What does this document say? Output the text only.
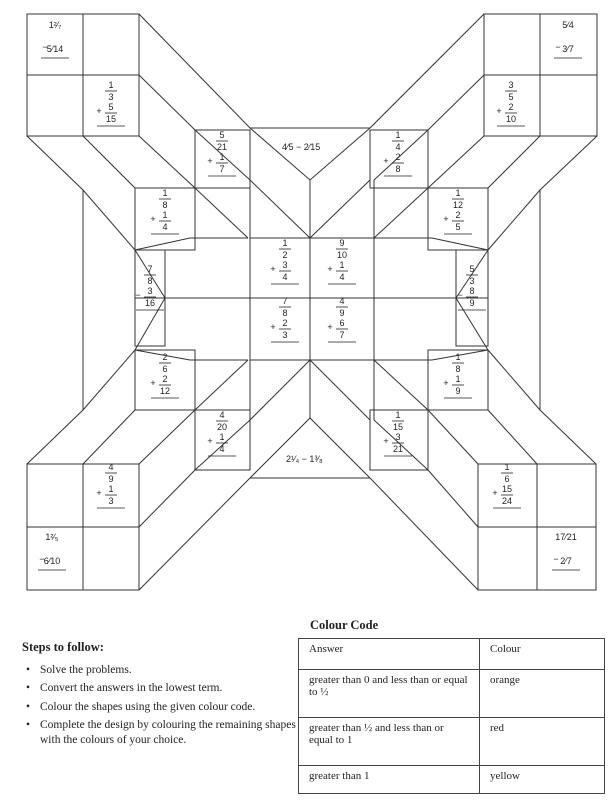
1
3
+ 5
15
5
21
+ 1
7
1
4
+ 2
8
3
5
+ 2
10
1
8
+ 1
4
1
12
+ 2
5
1
2
+ 3
4
9
10
+ 1
4
7
8
− 3
16
5
3
− 8
9
7
8
+ 2
3
4
9
+ 6
7
2
6
+ 2
12
1
8
+ 1
9
4
20
+ 1
4
1
15
+ 3
21
4
9
+ 1
3
1
6
+ 15
24
1²⁄₇
− 5⁄14
5⁄4
− 3⁄7
1²⁄₅
− 6⁄10
17⁄21
− 2⁄7
4⁄5 − 2⁄15
2¹⁄₄ − 1³⁄₈
Steps to follow:
• Solve the problems.
• Convert the answers in the lowest term.
• Colour the shapes using the given colour code.
• Complete the design by colouring the remaining shapes with the colours of your choice.
Colour Code
Answer	Colour
greater than 0 and less than or equal to ½	orange
greater than ½ and less than or equal to 1	red
greater than 1	yellow
